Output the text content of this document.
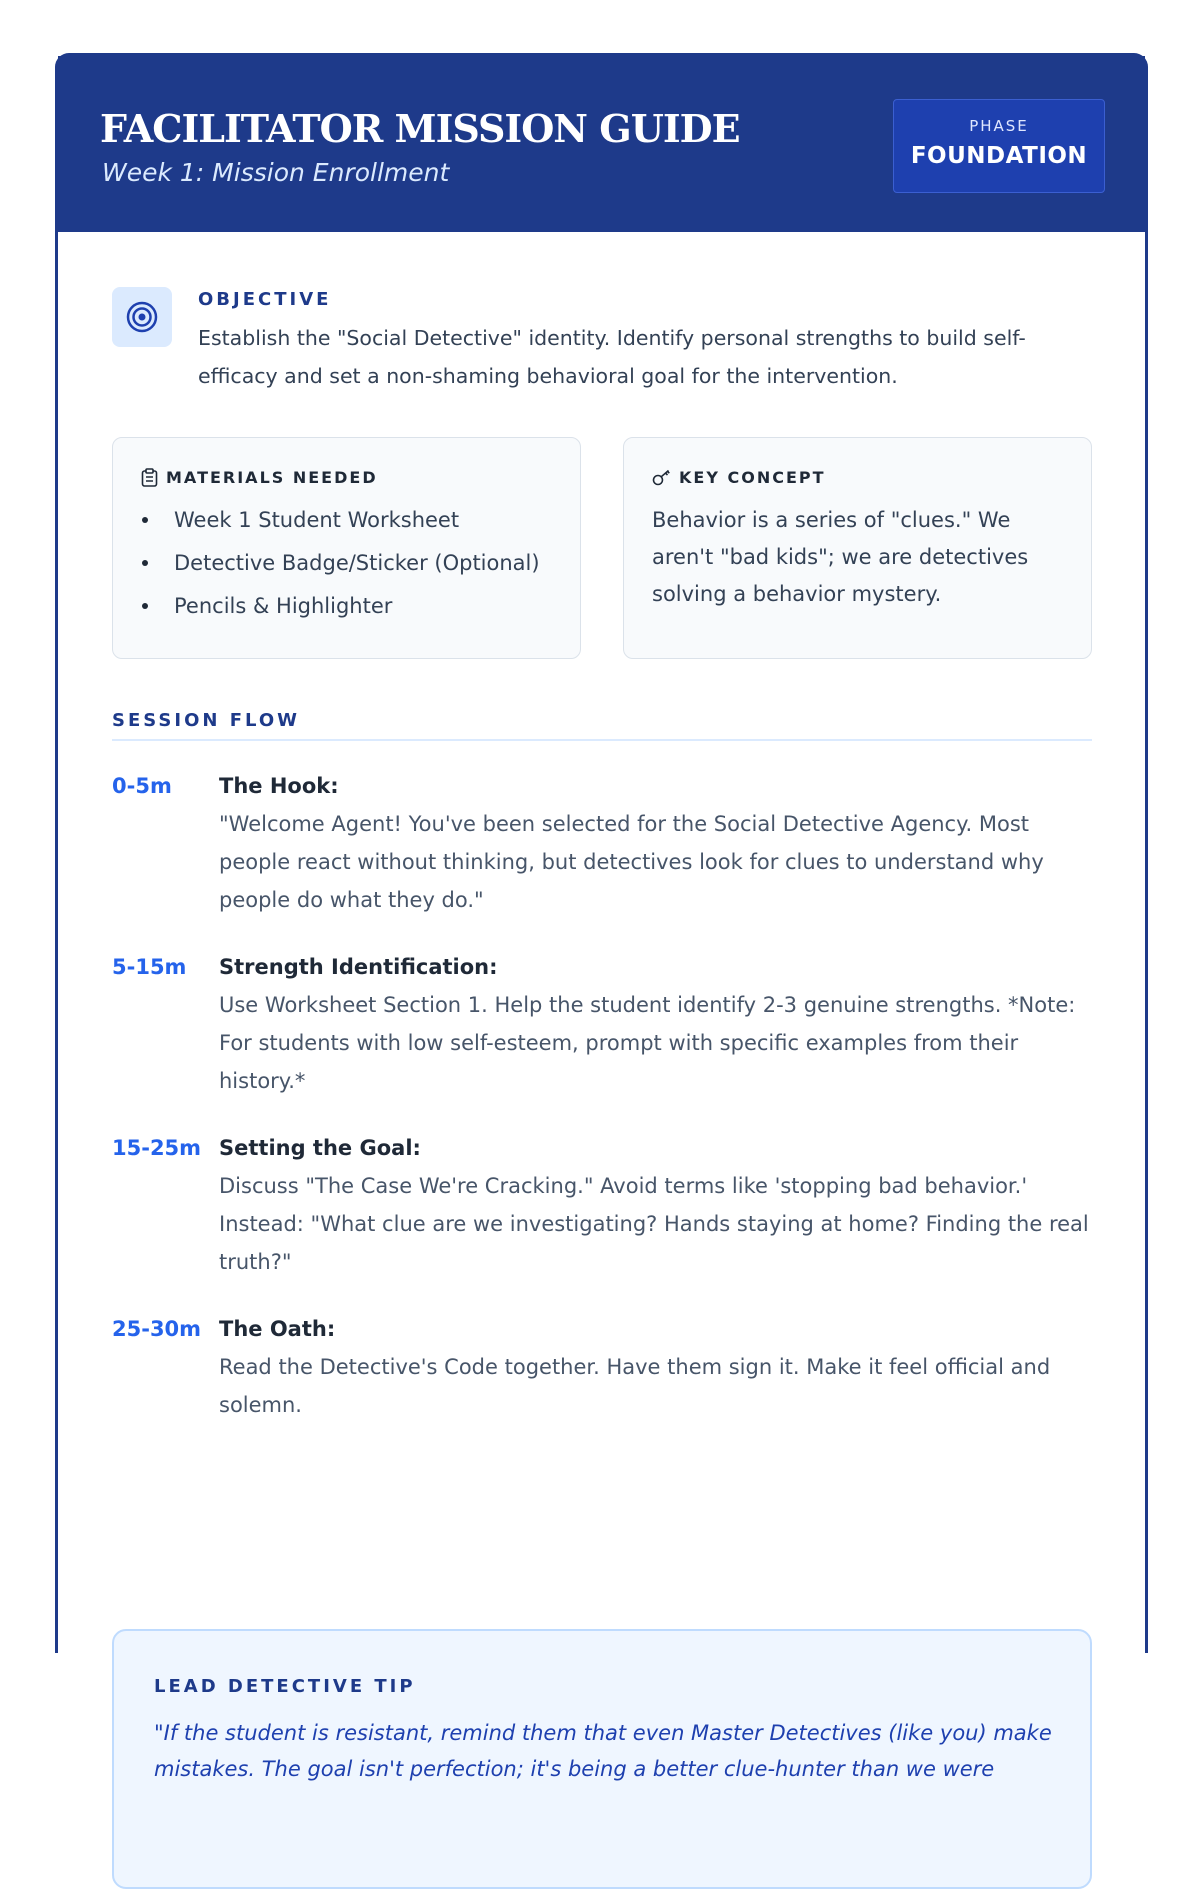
FACILITATOR MISSION GUIDE
Week 1: Mission Enrollment
PHASE
FOUNDATION
OBJECTIVE
Establish the "Social Detective" identity. Identify personal strengths to build self-efficacy and set a non-shaming behavioral goal for the intervention.
MATERIALS NEEDED
Week 1 Student Worksheet
Detective Badge/Sticker (Optional)
Pencils & Highlighter
KEY CONCEPT
Behavior is a series of "clues." We aren't "bad kids"; we are detectives solving a behavior mystery.
SESSION FLOW
0-5m	The Hook:
"Welcome Agent! You've been selected for the Social Detective Agency. Most people react without thinking, but detectives look for clues to understand why people do what they do."
5-15m	Strength Identification:
Use Worksheet Section 1. Help the student identify 2-3 genuine strengths. *Note: For students with low self-esteem, prompt with specific examples from their history.*
15-25m Setting the Goal:
Discuss "The Case We're Cracking." Avoid terms like 'stopping bad behavior.' Instead: "What clue are we investigating? Hands staying at home? Finding the real truth?"
25-30m The Oath:
Read the Detective's Code together. Have them sign it. Make it feel official and solemn.
LEAD DETECTIVE TIP
"If the student is resistant, remind them that even Master Detectives (like you) make mistakes. The goal isn't perfection; it's being a better clue-hunter than we were
